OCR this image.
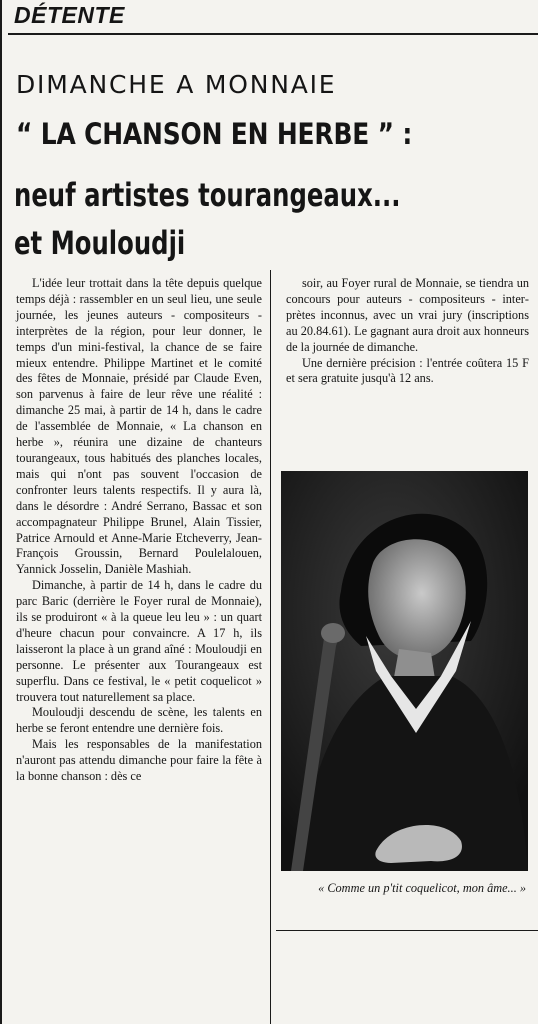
DÉTENTE
DIMANCHE A MONNAIE
“ LA CHANSON EN HERBE ” :
neuf artistes tourangeaux...
et Mouloudji

L'idée leur trottait dans la tête depuis quelque temps déjà : rassembler en un seul lieu, une seule journée, les jeunes auteurs - compositeurs - interprètes de la région, pour leur donner, le temps d'un mini-festival, la chance de se faire mieux entendre. Philippe Martinet et le comité des fêtes de Monnaie, présidé par Claude Even, son parvenus à faire de leur rêve une réalité : dimanche 25 mai, à partir de 14 h, dans le cadre de l'assemblée de Monnaie, « La chanson en herbe », réunira une dizaine de chanteurs tourangeaux, tous habitués des planches locales, mais qui n'ont pas souvent l'occasion de confronter leurs talents respectifs. Il y aura là, dans le désordre : André Serrano, Bassac et son accompagnateur Philippe Brunel, Alain Tissier, Patrice Arnould et Anne-Marie Etcheverry, Jean-François Groussin, Bernard Poulelalouen, Yannick Josselin, Danièle Mashiah.

Dimanche, à partir de 14 h, dans le cadre du parc Baric (derrière le Foyer rural de Monnaie), ils se produiront « à la queue leu leu » : un quart d'heure chacun pour convaincre. A 17 h, ils laisseront la place à un grand aîné : Mouloudji en personne. Le présenter aux Tourangeaux est superflu. Dans ce festival, le « petit coquelicot » trouvera tout naturellement sa place.

Mouloudji descendu de scène, les talents en herbe se feront entendre une dernière fois.

Mais les responsables de la manifestation n'auront pas attendu dimanche pour faire la fête à la bonne chanson : dès ce

soir, au Foyer rural de Monnaie, se tiendra un concours pour auteurs - compositeurs - interprètes inconnus, avec un vrai jury (inscriptions au 20.84.61). Le gagnant aura droit aux honneurs de la journée de dimanche.

Une dernière précision : l'entrée coûtera 15 F et sera gratuite jusqu'à 12 ans.

« Comme un p'tit coquelicot, mon âme... »
